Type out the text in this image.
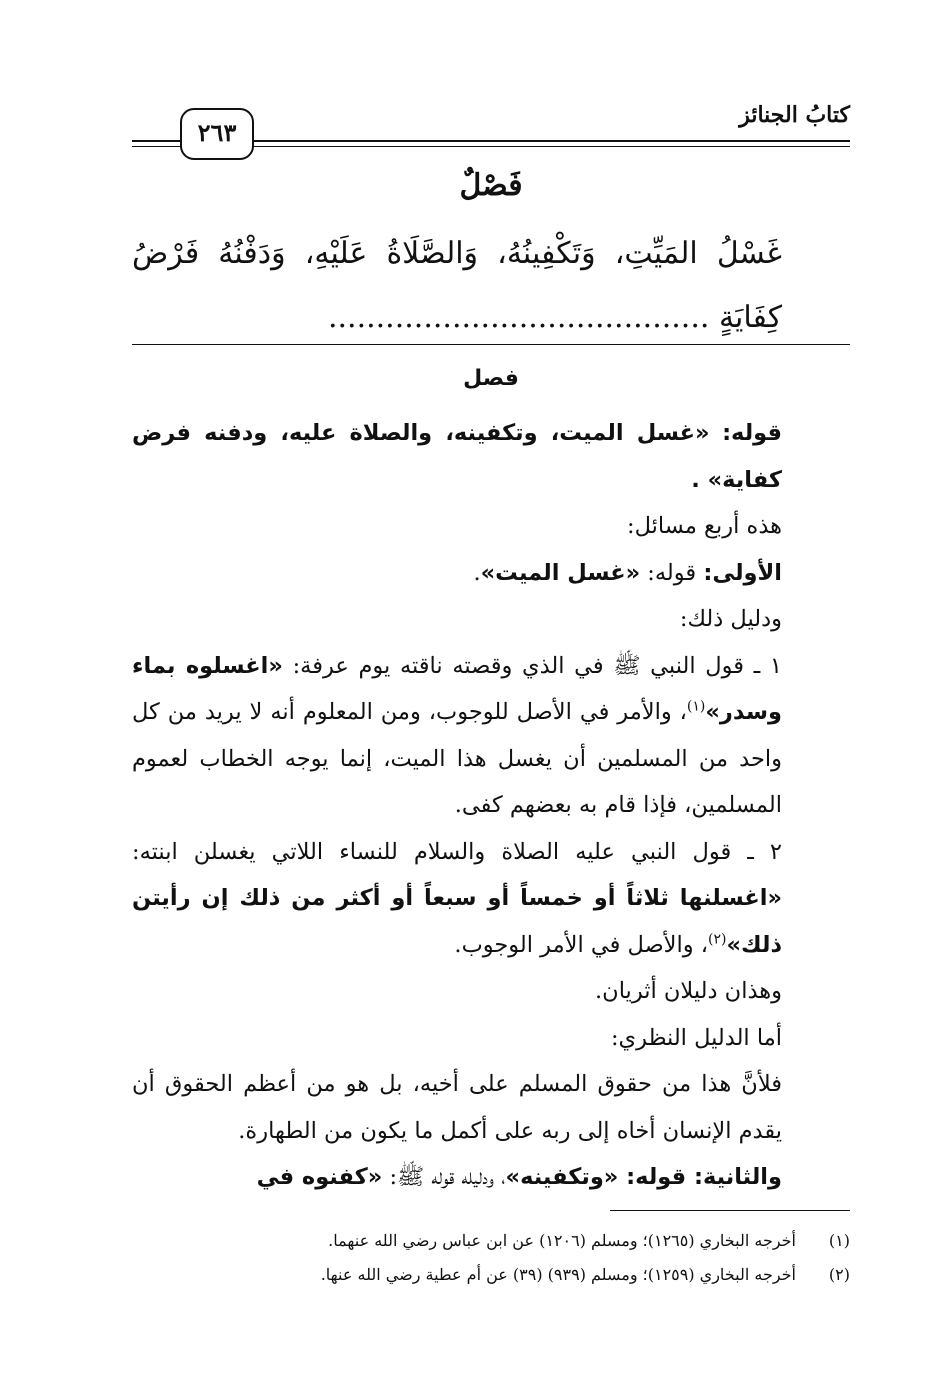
٢٦٣
كتابُ الجنائز
فَصْلٌ
غَسْلُ المَيِّتِ، وَتَكْفِينُهُ، وَالصَّلَاةُ عَلَيْهِ، وَدَفْنُهُ فَرْضُ كِفَايَةٍ ........................................
فصل

قوله: «غسل الميت، وتكفينه، والصلاة عليه، ودفنه فرض كفاية» .

هذه أربع مسائل:

الأولى: قوله: «غسل الميت».

ودليل ذلك:

١ ـ قول النبي ﷺ في الذي وقصته ناقته يوم عرفة: «اغسلوه بماء وسدر»$^{(١)}$، والأمر في الأصل للوجوب، ومن المعلوم أنه لا يريد من كل واحد من المسلمين أن يغسل هذا الميت، إنما يوجه الخطاب لعموم المسلمين، فإذا قام به بعضهم كفى.

٢ ـ قول النبي عليه الصلاة والسلام للنساء اللاتي يغسلن ابنته: «اغسلنها ثلاثاً أو خمساً أو سبعاً أو أكثر من ذلك إن رأيتن ذلك»$^{(٢)}$، والأصل في الأمر الوجوب.

وهذان دليلان أثريان.

أما الدليل النظري:

فلأنَّ هذا من حقوق المسلم على أخيه، بل هو من أعظم الحقوق أن يقدم الإنسان أخاه إلى ربه على أكمل ما يكون من الطهارة.

والثانية: قوله: «وتكفينه»، ودليله قوله ﷺ: «كفنوه في

(١)
أخرجه البخاري (١٢٦٥)؛ ومسلم (١٢٠٦) عن ابن عباس رضي الله عنهما.
(٢)
أخرجه البخاري (١٢٥٩)؛ ومسلم (٩٣٩) (٣٩) عن أم عطية رضي الله عنها.
